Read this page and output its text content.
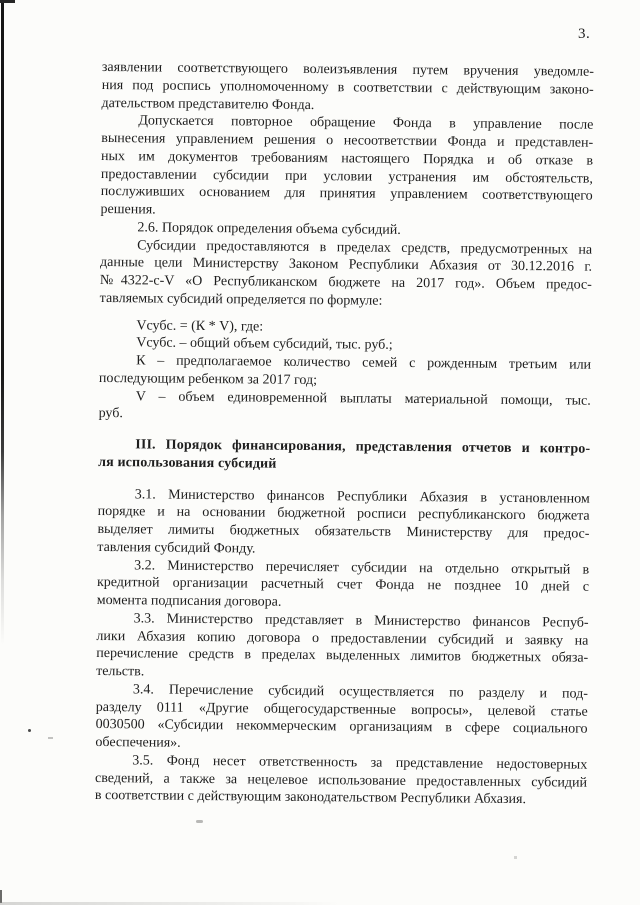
3.
заявлении соответствующего волеизъявления путем вручения уведомле-
ния под роспись уполномоченному в соответствии с действующим законо-
дательством представителю Фонда.
Допускается повторное обращение Фонда в управление после
вынесения управлением решения о несоответствии Фонда и представлен-
ных им документов требованиям настоящего Порядка и об отказе в
предоставлении субсидии при условии устранения им обстоятельств,
послуживших основанием для принятия управлением соответствующего
решения.
2.6. Порядок определения объема субсидий.
Субсидии предоставляются в пределах средств, предусмотренных на
данные цели Министерству Законом Республики Абхазия от 30.12.2016 г.
№4322-с-V «О Республиканском бюджете на 2017 год». Объем предос-
тавляемых субсидий определяется по формуле:
Vсубс. = (К * V), где:
Vсубс. – общий объем субсидий, тыс. руб.;
К – предполагаемое количество семей с рожденным третьим или
последующим ребенком за 2017 год;
V – объем единовременной выплаты материальной помощи, тыс.
руб.
III. Порядок финансирования, представления отчетов и контро-
ля использования субсидий
3.1. Министерство финансов Республики Абхазия в установленном
порядке и на основании бюджетной росписи республиканского бюджета
выделяет лимиты бюджетных обязательств Министерству для предос-
тавления субсидий Фонду.
3.2. Министерство перечисляет субсидии на отдельно открытый в
кредитной организации расчетный счет Фонда не позднее 10 дней с
момента подписания договора.
3.3. Министерство представляет в Министерство финансов Респуб-
лики Абхазия копию договора о предоставлении субсидий и заявку на
перечисление средств в пределах выделенных лимитов бюджетных обяза-
тельств.
3.4. Перечисление субсидий осуществляется по разделу и под-
разделу 0111 «Другие общегосударственные вопросы», целевой статье
0030500 «Субсидии некоммерческим организациям в сфере социального
обеспечения».
3.5. Фонд несет ответственность за представление недостоверных
сведений, а также за нецелевое использование предоставленных субсидий
в соответствии с действующим законодательством Республики Абхазия.
